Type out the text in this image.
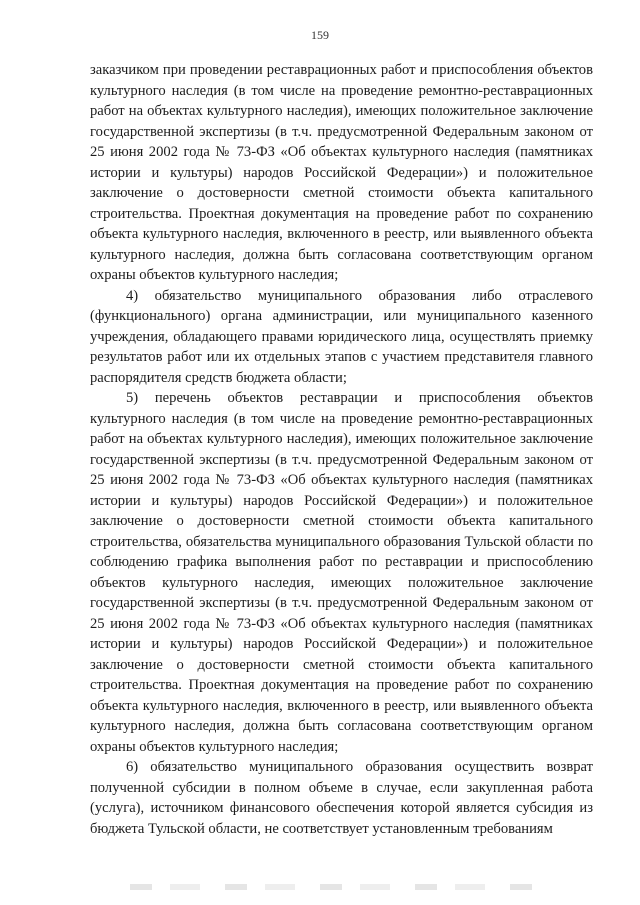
159

заказчиком при проведении реставрационных работ и приспособления объектов культурного наследия (в том числе на проведение ремонтно-реставрационных работ на объектах культурного наследия), имеющих положительное заключение государственной экспертизы (в т.ч. предусмотренной Федеральным законом от 25 июня 2002 года № 73-ФЗ «Об объектах культурного наследия (памятниках истории и культуры) народов Российской Федерации») и положительное заключение о достоверности сметной стоимости объекта капитального строительства. Проектная документация на проведение работ по сохранению объекта культурного наследия, включенного в реестр, или выявленного объекта культурного наследия, должна быть согласована соответствующим органом охраны объектов культурного наследия;

4) обязательство муниципального образования либо отраслевого (функционального) органа администрации, или муниципального казенного учреждения, обладающего правами юридического лица, осуществлять приемку результатов работ или их отдельных этапов с участием представителя главного распорядителя средств бюджета области;

5) перечень объектов реставрации и приспособления объектов культурного наследия (в том числе на проведение ремонтно-реставрационных работ на объектах культурного наследия), имеющих положительное заключение государственной экспертизы (в т.ч. предусмотренной Федеральным законом от 25 июня 2002 года № 73-ФЗ «Об объектах культурного наследия (памятниках истории и культуры) народов Российской Федерации») и положительное заключение о достоверности сметной стоимости объекта капитального строительства, обязательства муниципального образования Тульской области по соблюдению графика выполнения работ по реставрации и приспособлению объектов культурного наследия, имеющих положительное заключение государственной экспертизы (в т.ч. предусмотренной Федеральным законом от 25 июня 2002 года № 73-ФЗ «Об объектах культурного наследия (памятниках истории и культуры) народов Российской Федерации») и положительное заключение о достоверности сметной стоимости объекта капитального строительства. Проектная документация на проведение работ по сохранению объекта культурного наследия, включенного в реестр, или выявленного объекта культурного наследия, должна быть согласована соответствующим органом охраны объектов культурного наследия;

6) обязательство муниципального образования осуществить возврат полученной субсидии в полном объеме в случае, если закупленная работа (услуга), источником финансового обеспечения которой является субсидия из бюджета Тульской области, не соответствует установленным требованиям
